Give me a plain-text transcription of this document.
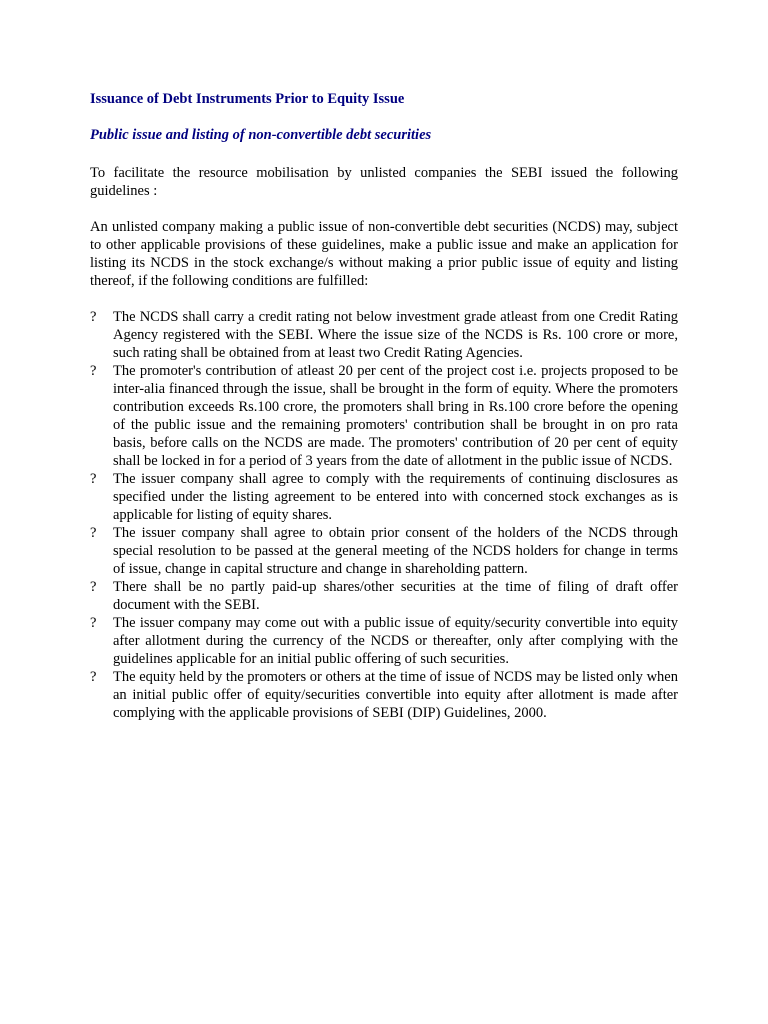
Issuance of Debt Instruments Prior to Equity Issue
Public issue and listing of non-convertible debt securities

To facilitate the resource mobilisation by unlisted companies the SEBI issued the following guidelines :

An unlisted company making a public issue of non-convertible debt securities (NCDS) may, subject to other applicable provisions of these guidelines, make a public issue and make an application for listing its NCDS in the stock exchange/s without making a prior public issue of equity and listing thereof, if the following conditions are fulfilled:

?	The NCDS shall carry a credit rating not below investment grade atleast from one Credit Rating Agency registered with the SEBI. Where the issue size of the NCDS is Rs. 100 crore or more, such rating shall be obtained from at least two Credit Rating Agencies.
?	The promoter's contribution of atleast 20 per cent of the project cost i.e. projects proposed to be inter-alia financed through the issue, shall be brought in the form of equity. Where the promoters contribution exceeds Rs.100 crore, the promoters shall bring in Rs.100 crore before the opening of the public issue and the remaining promoters' contribution shall be brought in on pro rata basis, before calls on the NCDS are made. The promoters' contribution of 20 per cent of equity shall be locked in for a period of 3 years from the date of allotment in the public issue of NCDS.
?	The issuer company shall agree to comply with the requirements of continuing disclosures as specified under the listing agreement to be entered into with concerned stock exchanges as is applicable for listing of equity shares.
?	The issuer company shall agree to obtain prior consent of the holders of the NCDS through special resolution to be passed at the general meeting of the NCDS holders for change in terms of issue, change in capital structure and change in shareholding pattern.
?	There shall be no partly paid-up shares/other securities at the time of filing of draft offer document with the SEBI.
?	The issuer company may come out with a public issue of equity/security convertible into equity after allotment during the currency of the NCDS or thereafter, only after complying with the guidelines applicable for an initial public offering of such securities.
?	The equity held by the promoters or others at the time of issue of NCDS may be listed only when an initial public offer of equity/securities convertible into equity after allotment is made after complying with the applicable provisions of SEBI (DIP) Guidelines, 2000.
